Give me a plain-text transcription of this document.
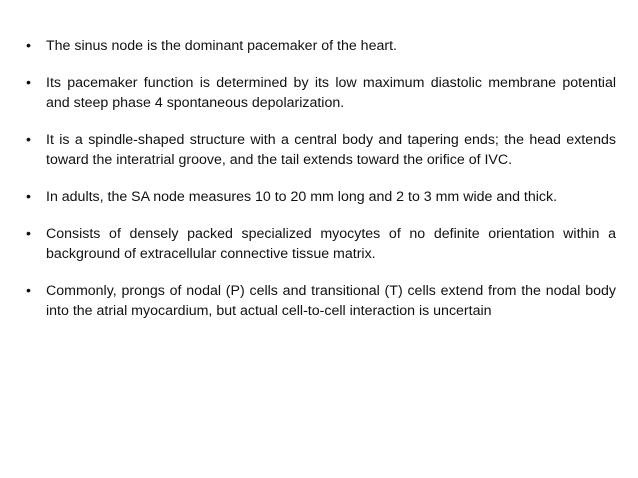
•	The sinus node is the dominant pacemaker of the heart.
•	Its pacemaker function is determined by its low maximum diastolic membrane potential and steep phase 4 spontaneous depolarization.
•	It is a spindle-shaped structure with a central body and tapering ends; the head extends toward the interatrial groove, and the tail extends toward the orifice of IVC.
•	In adults, the SA node measures 10 to 20 mm long and 2 to 3 mm wide and thick.
•	Consists of densely packed specialized myocytes of no definite orientation within a background of extracellular connective tissue matrix.
•	Commonly, prongs of nodal (P) cells and transitional (T) cells extend from the nodal body into the atrial myocardium, but actual cell-to-cell interaction is uncertain
